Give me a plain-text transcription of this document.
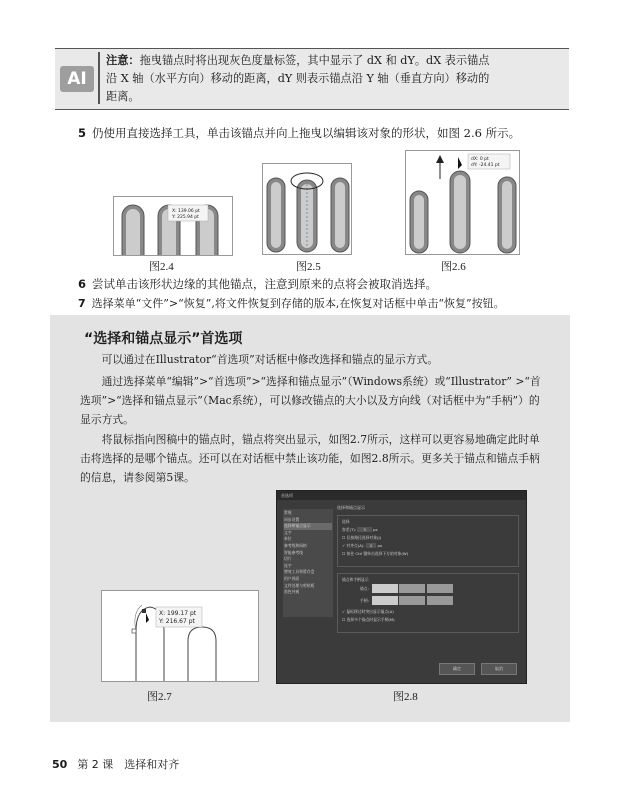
AI
注意：拖曳锚点时将出现灰色度量标签，其中显示了 dX 和 dY。dX 表示锚点
沿 X 轴（水平方向）移动的距离，dY 则表示锚点沿 Y 轴（垂直方向）移动的
距离。
5 仍使用直接选择工具，单击该锚点并向上拖曳以编辑该对象的形状，如图 2.6 所示。
X: 139.06 pt
Y: 225.94 pt
图2.4	图2.5
dX: 0 pt
dY: -24.41 pt
图2.6
6 尝试单击该形状边缘的其他锚点，注意到原来的点将会被取消选择。
7 选择菜单“文件”>“恢复”,将文件恢复到存储的版本,在恢复对话框中单击“恢复”按钮。
“选择和锚点显示”首选项
可以通过在Illustrator“首选项”对话框中修改选择和锚点的显示方式。
通过选择菜单“编辑”>“首选项”>“选择和锚点显示”（Windows系统）或“Illustrator” >“首选项”>“选择和锚点显示”（Mac系统），可以修改锚点的大小以及方向线（对话框中为“手柄”）的显示方式。
将鼠标指向图稿中的锚点时，锚点将突出显示，如图2.7所示，这样可以更容易地确定此时单击将选择的是哪个锚点。还可以在对话框中禁止该功能，如图2.8所示。更多关于锚点和锚点手柄的信息，请参阅第5课。
X: 199.17 pt
Y: 216.67 pt
图2.7
首选项
常规
同步设置
选择和锚点显示
文字
单位
参考线和网格
智能参考线
切片
连字
增效工具和暂存盘
用户界面
文件处理与剪贴板
黑色外观
选择和锚点显示
选择
容差(T): 3 px
☐ 仅按路径选择对象(J)
✓ 对齐点(A): 2 px
☐ 按住 Ctrl 键单击选择下方的对象(W)
锚点和手柄显示
锚点:
手柄:
✓ 鼠标移过时突出显示锚点(A)
☐ 选择多个锚点时显示手柄(M)
确定	取消
图2.8
50 第 2 课　选择和对齐
